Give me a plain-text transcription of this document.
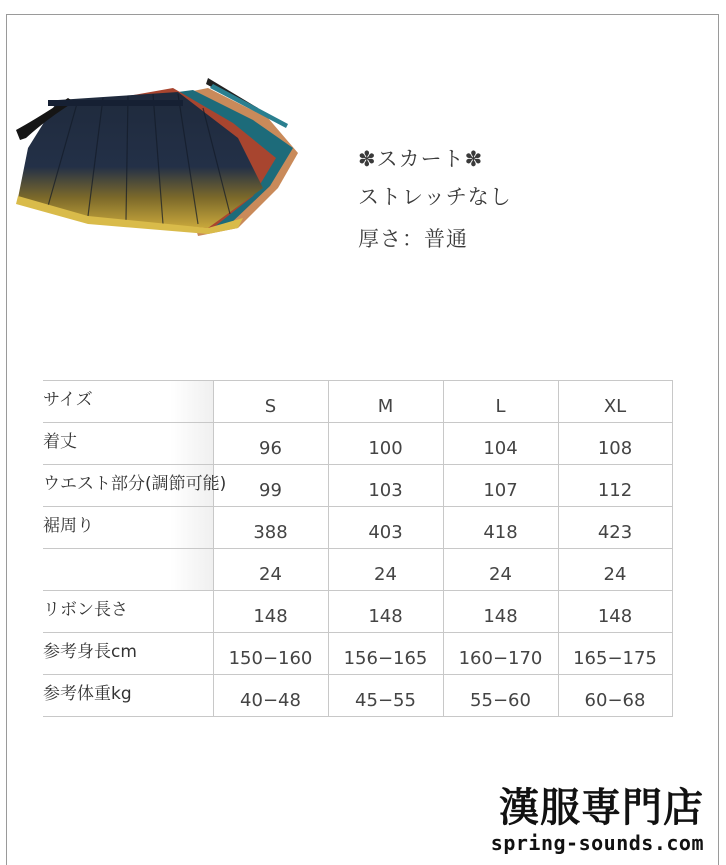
✽スカート✽
ストレッチなし
厚さ：普通
サイズ	S	M	L	XL

着丈	96	100	104	108

ウエスト部分(調節可能)	99	103	107	112

裾周り	388	403	418	423

	24	24	24	24

リボン長さ	148	148	148	148

参考身長cm	150−160	156−165	160−170	165−175

参考体重kg	40−48	45−55	55−60	60−68
漢服専門店
spring-sounds.com
